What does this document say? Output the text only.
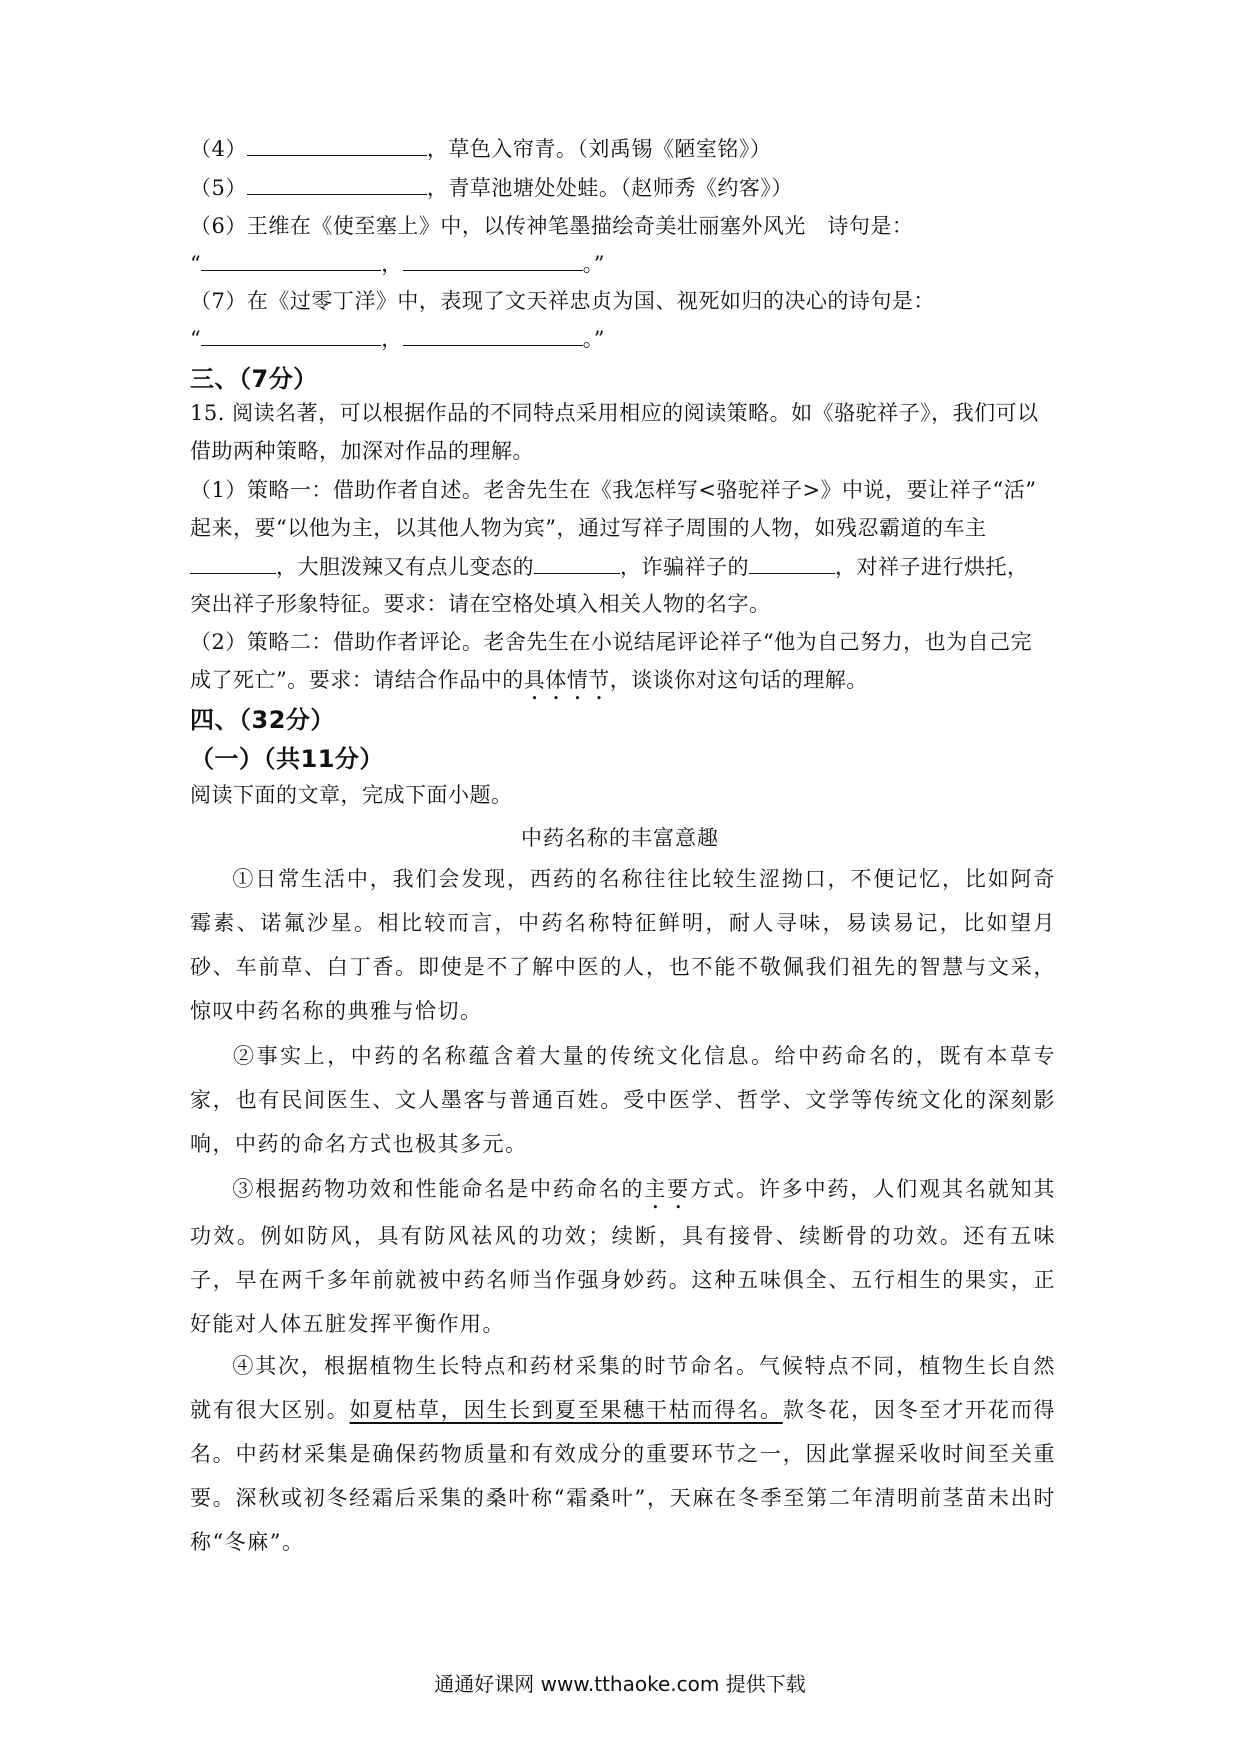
（4）	，草色入帘青。（刘禹锡《陋室铭》）
（5）	，青草池塘处处蛙。（赵师秀《约客》）
（6）王维在《使至塞上》中，以传神笔墨描绘奇美壮丽塞外风光　诗句是：
“	，	。”
（7）在《过零丁洋》中，表现了文天祥忠贞为国、视死如归的决心的诗句是：
“	，	。”
三、（7分）
15. 阅读名著，可以根据作品的不同特点采用相应的阅读策略。如《骆驼祥子》，我们可以
借助两种策略，加深对作品的理解。
（1）策略一：借助作者自述。老舍先生在《我怎样写<骆驼祥子>》中说，要让祥子“活”
起来，要“以他为主，以其他人物为宾”，通过写祥子周围的人物，如残忍霸道的车主
，大胆泼辣又有点儿变态的	，诈骗祥子的	，对祥子进行烘托，
突出祥子形象特征。要求：请在空格处填入相关人物的名字。
（2）策略二：借助作者评论。老舍先生在小说结尾评论祥子“他为自己努力，也为自己完
成了死亡”。要求：请结合作品中的具体情节，谈谈你对这句话的理解。
四、（32分）
（一）（共11分）
阅读下面的文章，完成下面小题。
中药名称的丰富意趣
①日常生活中，我们会发现，西药的名称往往比较生涩拗口，不便记忆，比如阿奇霉素、诺氟沙星。相比较而言，中药名称特征鲜明，耐人寻味，易读易记，比如望月砂、车前草、白丁香。即使是不了解中医的人，也不能不敬佩我们祖先的智慧与文采，惊叹中药名称的典雅与恰切。
②事实上，中药的名称蕴含着大量的传统文化信息。给中药命名的，既有本草专家，也有民间医生、文人墨客与普通百姓。受中医学、哲学、文学等传统文化的深刻影响，中药的命名方式也极其多元。
③根据药物功效和性能命名是中药命名的主要方式。许多中药，人们观其名就知其功效。例如防风，具有防风祛风的功效；续断，具有接骨、续断骨的功效。还有五味子，早在两千多年前就被中药名师当作强身妙药。这种五味俱全、五行相生的果实，正好能对人体五脏发挥平衡作用。
④其次，根据植物生长特点和药材采集的时节命名。气候特点不同，植物生长自然就有很大区别。如夏枯草，因生长到夏至果穗干枯而得名。款冬花，因冬至才开花而得名。中药材采集是确保药物质量和有效成分的重要环节之一，因此掌握采收时间至关重要。深秋或初冬经霜后采集的桑叶称“霜桑叶”，天麻在冬季至第二年清明前茎苗未出时称“冬麻”。
通通好课网 www.tthaoke.com 提供下载
